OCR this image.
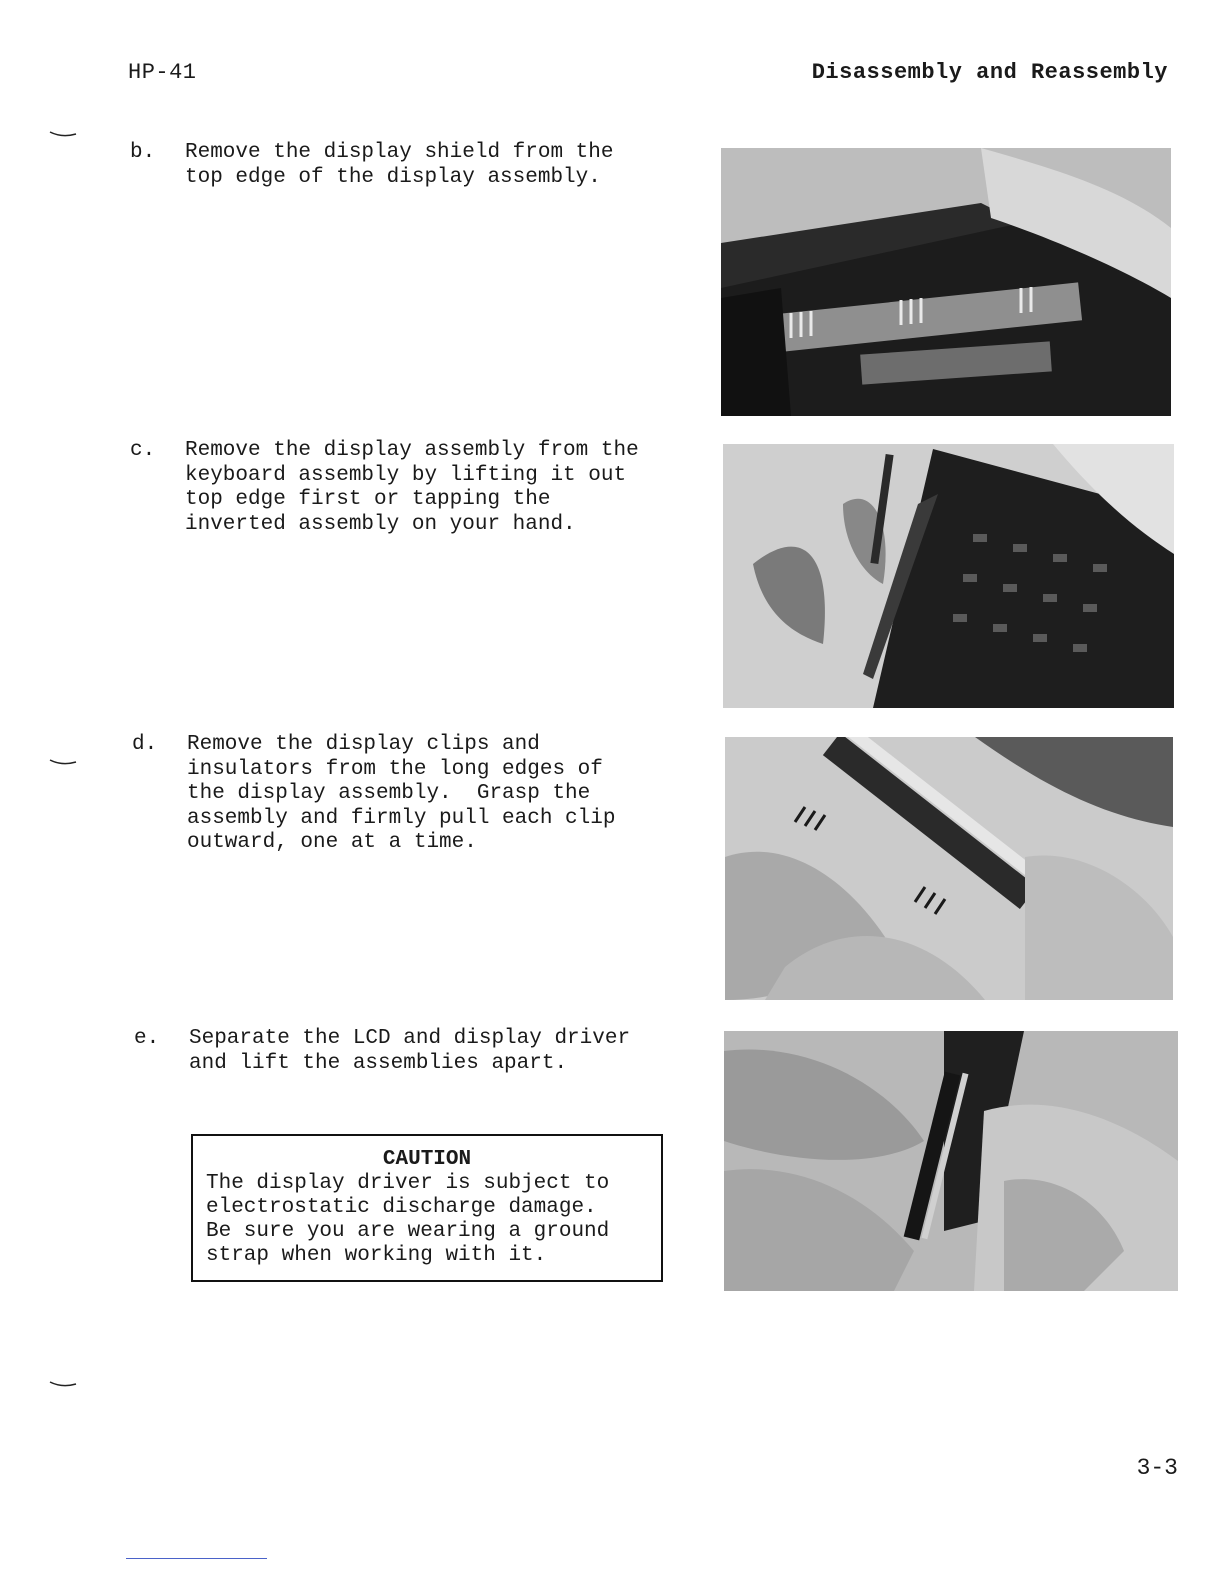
HP-41	Disassembly and Reassembly
b. Remove the display shield from the
top edge of the display assembly.
c. Remove the display assembly from the
keyboard assembly by lifting it out
top edge first or tapping the
inverted assembly on your hand.
d. Remove the display clips and
insulators from the long edges of
the display assembly.  Grasp the
assembly and firmly pull each clip
outward, one at a time.
e. Separate the LCD and display driver
and lift the assemblies apart.
CAUTION
The display driver is subject to
electrostatic discharge damage.
Be sure you are wearing a ground
strap when working with it.
3-3
